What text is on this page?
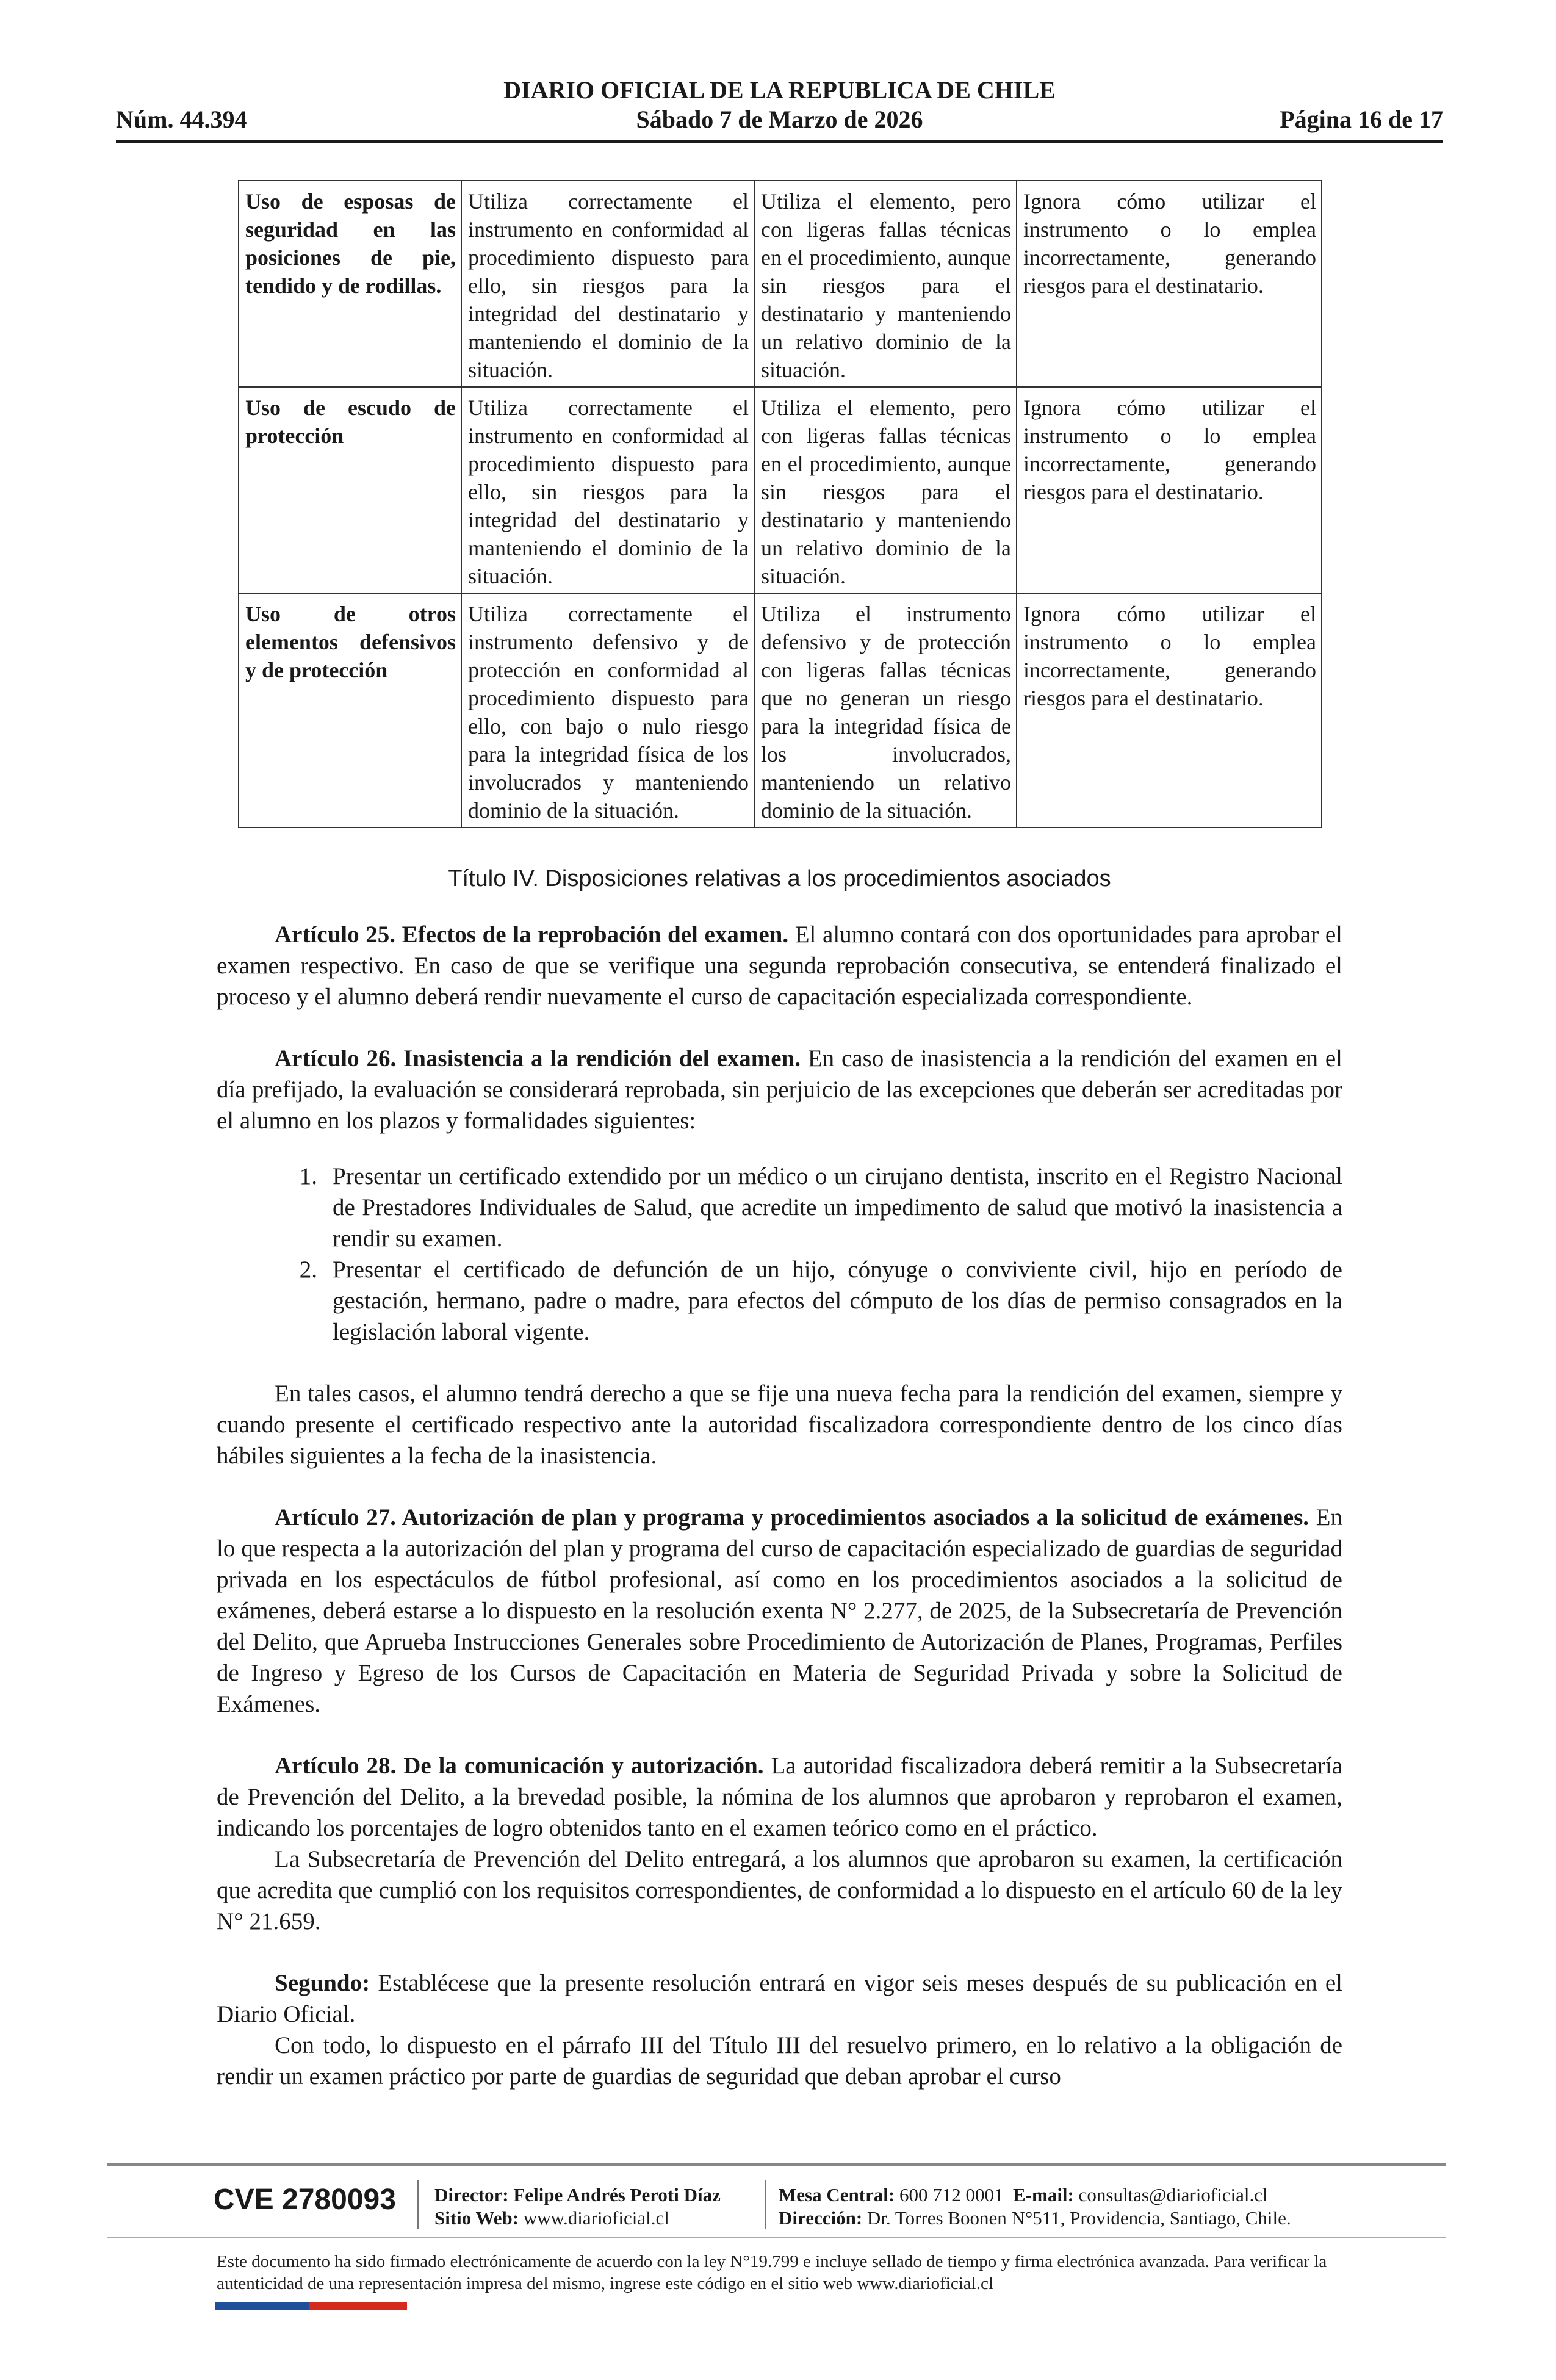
DIARIO OFICIAL DE LA REPUBLICA DE CHILE
Núm. 44.394	Sábado 7 de Marzo de 2026	Página 16 de 17
Uso de esposas de seguridad en las posiciones de pie, tendido y de rodillas.	Utiliza correctamente el instrumento en conformidad al procedimiento dispuesto para ello, sin riesgos para la integridad del destinatario y manteniendo el dominio de la situación.	Utiliza el elemento, pero con ligeras fallas técnicas en el procedimiento, aunque sin riesgos para el destinatario y manteniendo un relativo dominio de la situación.	Ignora cómo utilizar el instrumento o lo emplea incorrectamente, generando riesgos para el destinatario.
Uso de escudo de protección	Utiliza correctamente el instrumento en conformidad al procedimiento dispuesto para ello, sin riesgos para la integridad del destinatario y manteniendo el dominio de la situación.	Utiliza el elemento, pero con ligeras fallas técnicas en el procedimiento, aunque sin riesgos para el destinatario y manteniendo un relativo dominio de la situación.	Ignora cómo utilizar el instrumento o lo emplea incorrectamente, generando riesgos para el destinatario.
Uso de otros elementos defensivos y de protección	Utiliza correctamente el instrumento defensivo y de protección en conformidad al procedimiento dispuesto para ello, con bajo o nulo riesgo para la integridad física de los involucrados y manteniendo dominio de la situación.	Utiliza el instrumento defensivo y de protección con ligeras fallas técnicas que no generan un riesgo para la integridad física de los involucrados, manteniendo un relativo dominio de la situación.	Ignora cómo utilizar el instrumento o lo emplea incorrectamente, generando riesgos para el destinatario.

Título IV. Disposiciones relativas a los procedimientos asociados

Artículo 25. Efectos de la reprobación del examen. El alumno contará con dos oportunidades para aprobar el examen respectivo. En caso de que se verifique una segunda reprobación consecutiva, se entenderá finalizado el proceso y el alumno deberá rendir nuevamente el curso de capacitación especializada correspondiente.

Artículo 26. Inasistencia a la rendición del examen. En caso de inasistencia a la rendición del examen en el día prefijado, la evaluación se considerará reprobada, sin perjuicio de las excepciones que deberán ser acreditadas por el alumno en los plazos y formalidades siguientes:

1. Presentar un certificado extendido por un médico o un cirujano dentista, inscrito en el Registro Nacional de Prestadores Individuales de Salud, que acredite un impedimento de salud que motivó la inasistencia a rendir su examen.
2. Presentar el certificado de defunción de un hijo, cónyuge o conviviente civil, hijo en período de gestación, hermano, padre o madre, para efectos del cómputo de los días de permiso consagrados en la legislación laboral vigente.

En tales casos, el alumno tendrá derecho a que se fije una nueva fecha para la rendición del examen, siempre y cuando presente el certificado respectivo ante la autoridad fiscalizadora correspondiente dentro de los cinco días hábiles siguientes a la fecha de la inasistencia.

Artículo 27. Autorización de plan y programa y procedimientos asociados a la solicitud de exámenes. En lo que respecta a la autorización del plan y programa del curso de capacitación especializado de guardias de seguridad privada en los espectáculos de fútbol profesional, así como en los procedimientos asociados a la solicitud de exámenes, deberá estarse a lo dispuesto en la resolución exenta N° 2.277, de 2025, de la Subsecretaría de Prevención del Delito, que Aprueba Instrucciones Generales sobre Procedimiento de Autorización de Planes, Programas, Perfiles de Ingreso y Egreso de los Cursos de Capacitación en Materia de Seguridad Privada y sobre la Solicitud de Exámenes.

Artículo 28. De la comunicación y autorización. La autoridad fiscalizadora deberá remitir a la Subsecretaría de Prevención del Delito, a la brevedad posible, la nómina de los alumnos que aprobaron y reprobaron el examen, indicando los porcentajes de logro obtenidos tanto en el examen teórico como en el práctico.

La Subsecretaría de Prevención del Delito entregará, a los alumnos que aprobaron su examen, la certificación que acredita que cumplió con los requisitos correspondientes, de conformidad a lo dispuesto en el artículo 60 de la ley N° 21.659.

Segundo: Establécese que la presente resolución entrará en vigor seis meses después de su publicación en el Diario Oficial.

Con todo, lo dispuesto en el párrafo III del Título III del resuelvo primero, en lo relativo a la obligación de rendir un examen práctico por parte de guardias de seguridad que deban aprobar el curso

CVE 2780093 Director: Felipe Andrés Peroti Díaz
Sitio Web: www.diarioficial.cl
Mesa Central: 600 712 0001 E-mail: consultas@diarioficial.cl
Dirección: Dr. Torres Boonen N°511, Providencia, Santiago, Chile.
Este documento ha sido firmado electrónicamente de acuerdo con la ley N°19.799 e incluye sellado de tiempo y firma electrónica avanzada. Para verificar la autenticidad de una representación impresa del mismo, ingrese este código en el sitio web www.diarioficial.cl
